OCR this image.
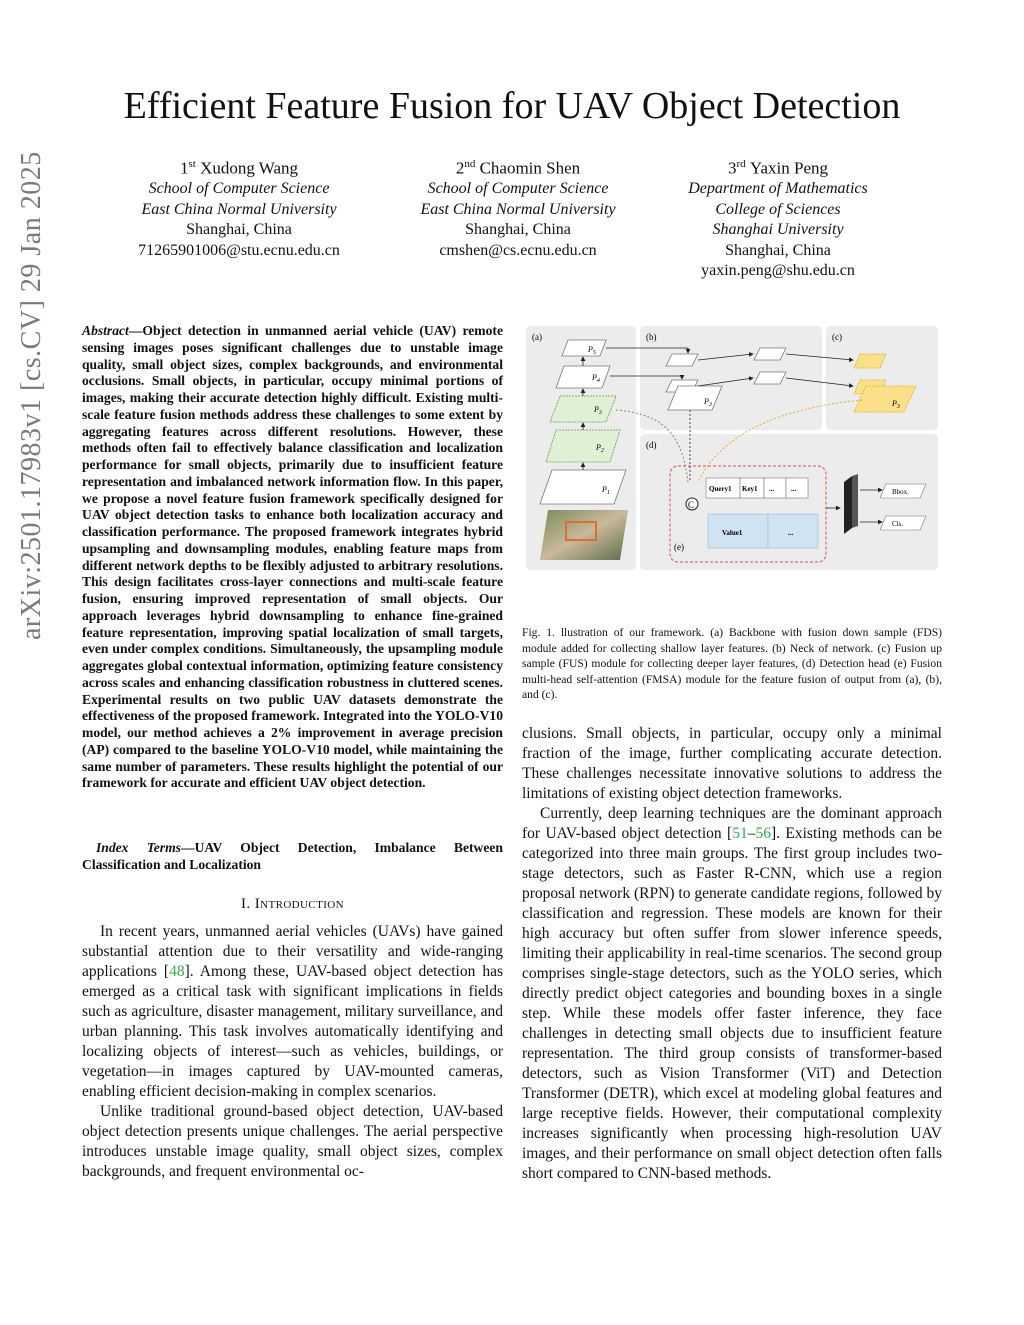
Efficient Feature Fusion for UAV Object Detection
1st Xudong Wang
School of Computer Science
East China Normal University
Shanghai, China
71265901006@stu.ecnu.edu.cn
2nd Chaomin Shen
School of Computer Science
East China Normal University
Shanghai, China
cmshen@cs.ecnu.edu.cn
3rd Yaxin Peng
Department of Mathematics
College of Sciences
Shanghai University
Shanghai, China
yaxin.peng@shu.edu.cn
arXiv:2501.17983v1 [cs.CV] 29 Jan 2025	Abstract—Object detection in unmanned aerial vehicle (UAV) remote sensing images poses significant challenges due to unstable image quality, small object sizes, complex backgrounds, and environmental occlusions. Small objects, in particular, occupy minimal portions of images, making their accurate detection highly difficult. Existing multi-scale feature fusion methods address these challenges to some extent by aggregating features across different resolutions. However, these methods often fail to effectively balance classification and localization performance for small objects, primarily due to insufficient feature representation and imbalanced network information flow. In this paper, we propose a novel feature fusion framework specifically designed for UAV object detection tasks to enhance both localization accuracy and classification performance. The proposed framework integrates hybrid upsampling and downsampling modules, enabling feature maps from different network depths to be flexibly adjusted to arbitrary resolutions. This design facilitates cross-layer connections and multi-scale feature fusion, ensuring improved representation of small objects. Our approach leverages hybrid downsampling to enhance fine-grained feature representation, improving spatial localization of small targets, even under complex conditions. Simultaneously, the upsampling module aggregates global contextual information, optimizing feature consistency across scales and enhancing classification robustness in cluttered scenes. Experimental results on two public UAV datasets demonstrate the effectiveness of the proposed framework. Integrated into the YOLO-V10 model, our method achieves a 2% improvement in average precision (AP) compared to the baseline YOLO-V10 model, while maintaining the same number of parameters. These results highlight the potential of our framework for accurate and efficient UAV object detection.
Index Terms—UAV Object Detection, Imbalance Between Classification and Localization
I. Introduction

In recent years, unmanned aerial vehicles (UAVs) have gained substantial attention due to their versatility and wide-ranging applications [48]. Among these, UAV-based object detection has emerged as a critical task with significant implications in fields such as agriculture, disaster management, military surveillance, and urban planning. This task involves automatically identifying and localizing objects of interest—such as vehicles, buildings, or vegetation—in images captured by UAV-mounted cameras, enabling efficient decision-making in complex scenarios.

Unlike traditional ground-based object detection, UAV-based object detection presents unique challenges. The aerial perspective introduces unstable image quality, small object sizes, complex backgrounds, and frequent environmental oc-

(a)	(b)	(c)
(d)
$P_5$
$P_4$
$P_3$
$P_2$
$P_1$
$P_3$	$P_3$
(e)
C
Query1 Key1 ... ...
Value1	...
Bbox.
Cls.
Fig. 1. llustration of our framework. (a) Backbone with fusion down sample (FDS) module added for collecting shallow layer features. (b) Neck of network. (c) Fusion up sample (FUS) module for collecting deeper layer features, (d) Detection head (e) Fusion multi-head self-attention (FMSA) module for the feature fusion of output from (a), (b), and (c).

clusions. Small objects, in particular, occupy only a minimal fraction of the image, further complicating accurate detection. These challenges necessitate innovative solutions to address the limitations of existing object detection frameworks.

Currently, deep learning techniques are the dominant approach for UAV-based object detection [51–56]. Existing methods can be categorized into three main groups. The first group includes two-stage detectors, such as Faster R-CNN, which use a region proposal network (RPN) to generate candidate regions, followed by classification and regression. These models are known for their high accuracy but often suffer from slower inference speeds, limiting their applicability in real-time scenarios. The second group comprises single-stage detectors, such as the YOLO series, which directly predict object categories and bounding boxes in a single step. While these models offer faster inference, they face challenges in detecting small objects due to insufficient feature representation. The third group consists of transformer-based detectors, such as Vision Transformer (ViT) and Detection Transformer (DETR), which excel at modeling global features and large receptive fields. However, their computational complexity increases significantly when processing high-resolution UAV images, and their performance on small object detection often falls short compared to CNN-based methods.
